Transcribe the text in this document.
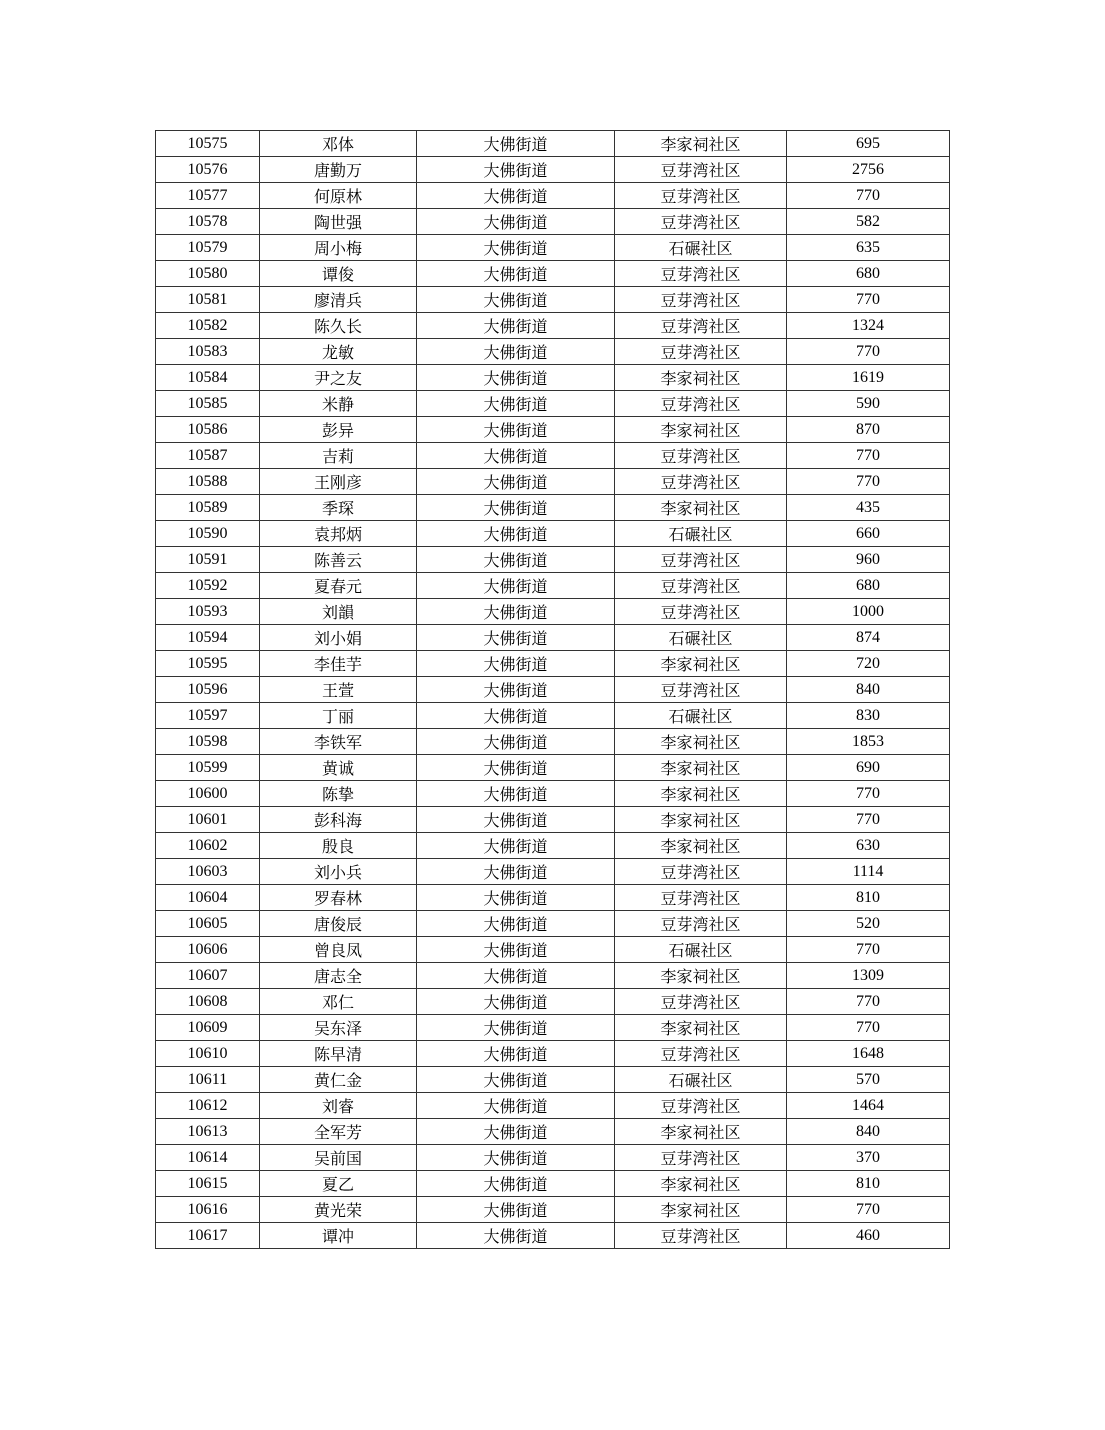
10575	邓体	大佛街道	李家祠社区	695
10576	唐勤万	大佛街道	豆芽湾社区	2756
10577	何原林	大佛街道	豆芽湾社区	770
10578	陶世强	大佛街道	豆芽湾社区	582
10579	周小梅	大佛街道	石碾社区	635
10580	谭俊	大佛街道	豆芽湾社区	680
10581	廖清兵	大佛街道	豆芽湾社区	770
10582	陈久长	大佛街道	豆芽湾社区	1324
10583	龙敏	大佛街道	豆芽湾社区	770
10584	尹之友	大佛街道	李家祠社区	1619
10585	米静	大佛街道	豆芽湾社区	590
10586	彭异	大佛街道	李家祠社区	870
10587	吉莉	大佛街道	豆芽湾社区	770
10588	王刚彦	大佛街道	豆芽湾社区	770
10589	季琛	大佛街道	李家祠社区	435
10590	袁邦炳	大佛街道	石碾社区	660
10591	陈善云	大佛街道	豆芽湾社区	960
10592	夏春元	大佛街道	豆芽湾社区	680
10593	刘韻	大佛街道	豆芽湾社区	1000
10594	刘小娟	大佛街道	石碾社区	874
10595	李佳芋	大佛街道	李家祠社区	720
10596	王萱	大佛街道	豆芽湾社区	840
10597	丁丽	大佛街道	石碾社区	830
10598	李铁军	大佛街道	李家祠社区	1853
10599	黄诚	大佛街道	李家祠社区	690
10600	陈挚	大佛街道	李家祠社区	770
10601	彭科海	大佛街道	李家祠社区	770
10602	殷良	大佛街道	李家祠社区	630
10603	刘小兵	大佛街道	豆芽湾社区	1114
10604	罗春林	大佛街道	豆芽湾社区	810
10605	唐俊辰	大佛街道	豆芽湾社区	520
10606	曾良凤	大佛街道	石碾社区	770
10607	唐志全	大佛街道	李家祠社区	1309
10608	邓仁	大佛街道	豆芽湾社区	770
10609	吴东泽	大佛街道	李家祠社区	770
10610	陈早清	大佛街道	豆芽湾社区	1648
10611	黄仁金	大佛街道	石碾社区	570
10612	刘睿	大佛街道	豆芽湾社区	1464
10613	全军芳	大佛街道	李家祠社区	840
10614	吴前国	大佛街道	豆芽湾社区	370
10615	夏乙	大佛街道	李家祠社区	810
10616	黄光荣	大佛街道	李家祠社区	770
10617	谭冲	大佛街道	豆芽湾社区	460
